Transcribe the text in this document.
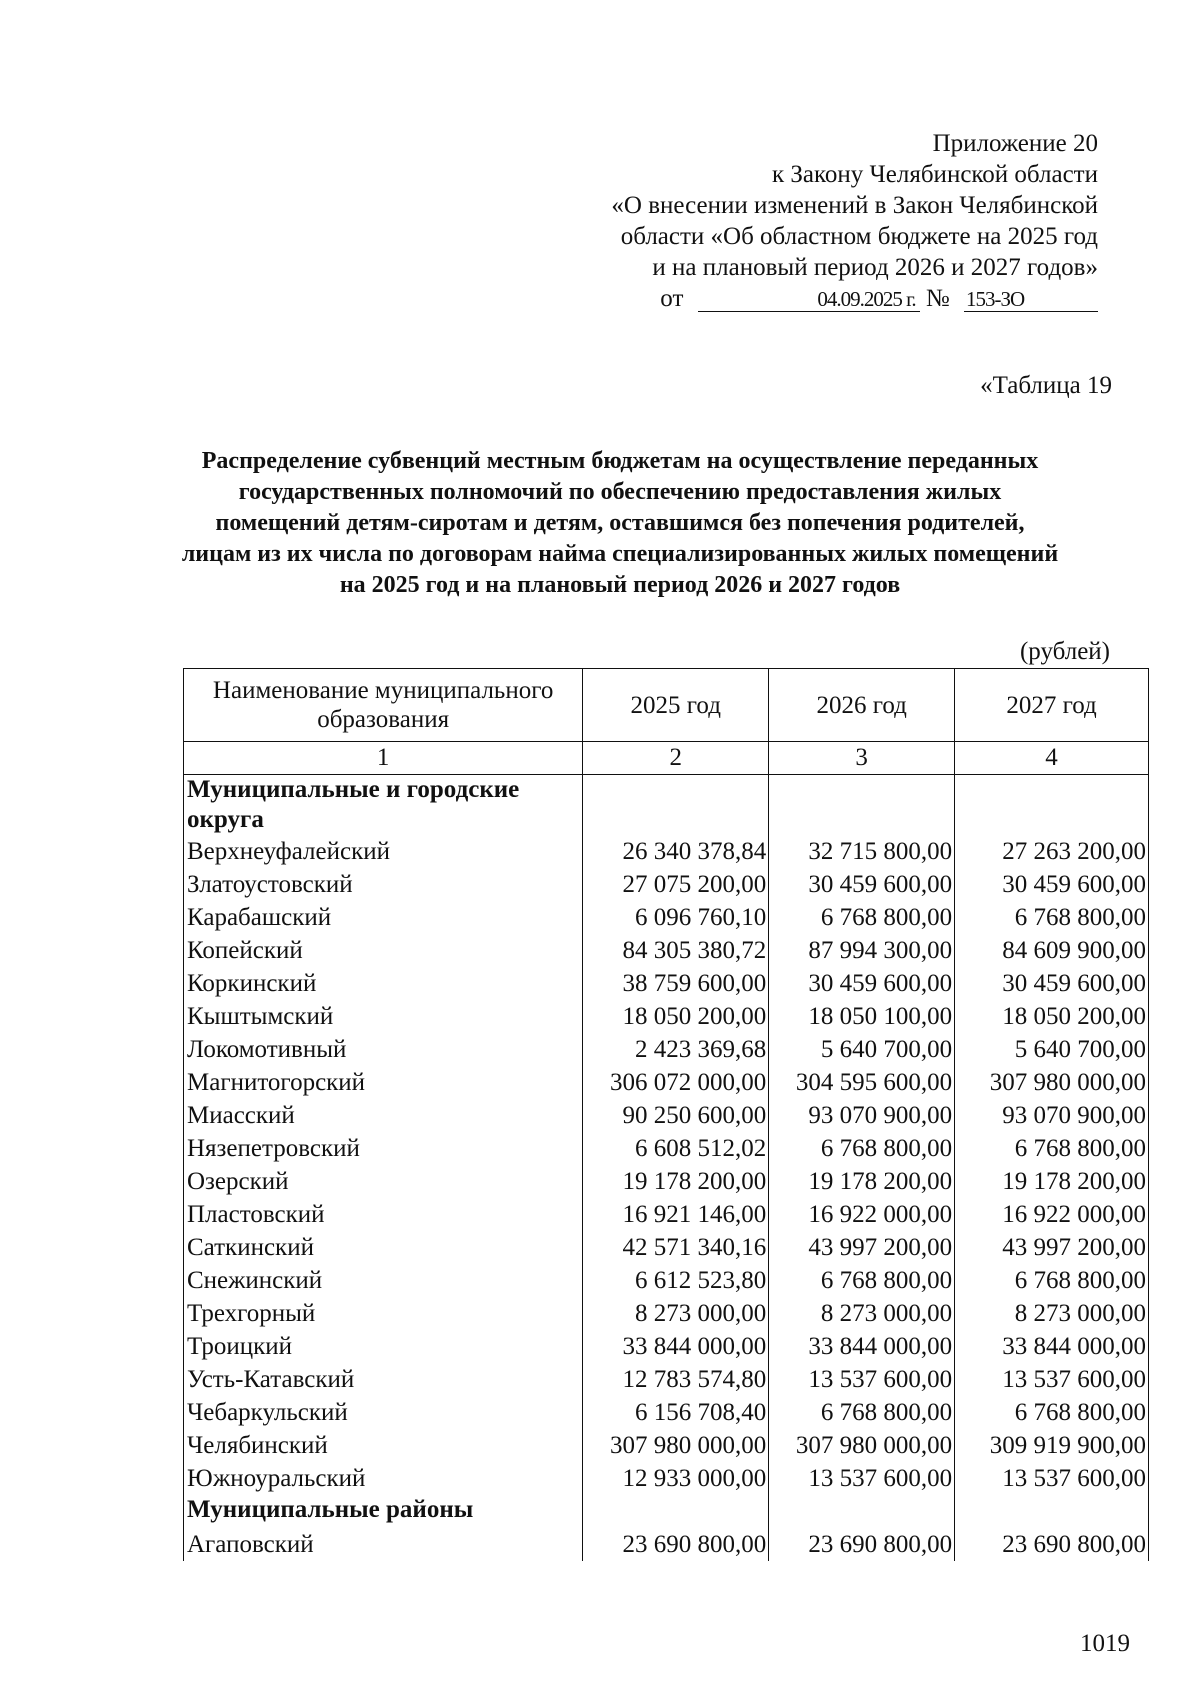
Приложение 20
к Закону Челябинской области
«О внесении изменений в Закон Челябинской
области «Об областном бюджете на 2025 год
и на плановый период 2026 и 2027 годов»
от	04.09.2025 г. № 153-ЗО
«Таблица 19
Распределение субвенций местным бюджетам на осуществление переданных государственных полномочий по обеспечению предоставления жилых помещений детям-сиротам и детям, оставшимся без попечения родителей, лицам из их числа по договорам найма специализированных жилых помещений на 2025 год и на плановый период 2026 и 2027 годов
(рублей)
Наименование муниципального образования	2025 год	2026 год	2027 год
1	2	3	4
Муниципальные и городские округа			
Верхнеуфалейский	26 340 378,84	32 715 800,00	27 263 200,00
Златоустовский	27 075 200,00	30 459 600,00	30 459 600,00
Карабашский	6 096 760,10	6 768 800,00	6 768 800,00
Копейский	84 305 380,72	87 994 300,00	84 609 900,00
Коркинский	38 759 600,00	30 459 600,00	30 459 600,00
Кыштымский	18 050 200,00	18 050 100,00	18 050 200,00
Локомотивный	2 423 369,68	5 640 700,00	5 640 700,00
Магнитогорский	306 072 000,00	304 595 600,00	307 980 000,00
Миасский	90 250 600,00	93 070 900,00	93 070 900,00
Нязепетровский	6 608 512,02	6 768 800,00	6 768 800,00
Озерский	19 178 200,00	19 178 200,00	19 178 200,00
Пластовский	16 921 146,00	16 922 000,00	16 922 000,00
Саткинский	42 571 340,16	43 997 200,00	43 997 200,00
Снежинский	6 612 523,80	6 768 800,00	6 768 800,00
Трехгорный	8 273 000,00	8 273 000,00	8 273 000,00
Троицкий	33 844 000,00	33 844 000,00	33 844 000,00
Усть-Катавский	12 783 574,80	13 537 600,00	13 537 600,00
Чебаркульский	6 156 708,40	6 768 800,00	6 768 800,00
Челябинский	307 980 000,00	307 980 000,00	309 919 900,00
Южноуральский	12 933 000,00	13 537 600,00	13 537 600,00
Муниципальные районы			
Агаповский	23 690 800,00	23 690 800,00	23 690 800,00
1019
